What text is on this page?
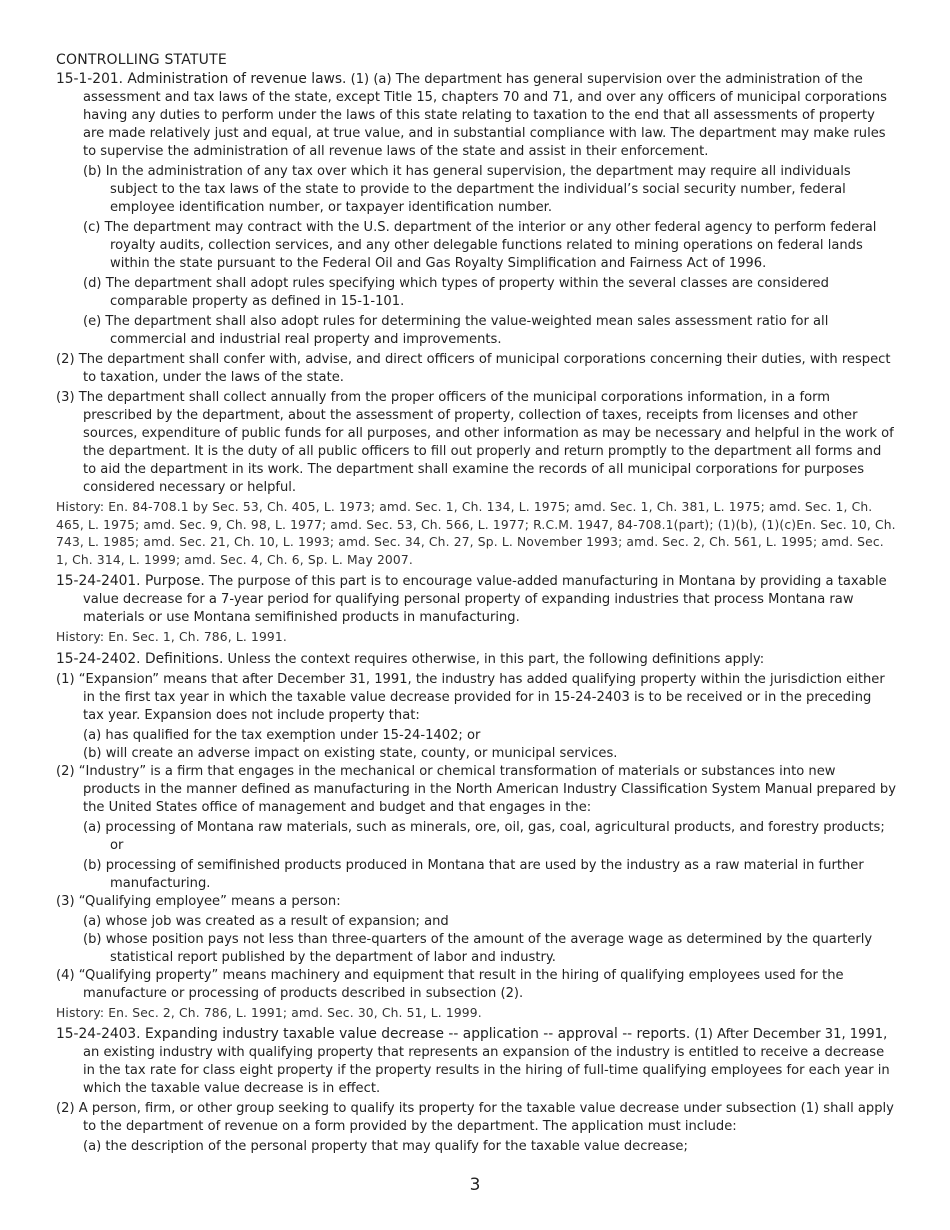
CONTROLLING STATUTE

15-1-201. Administration of revenue laws. (1) (a) The department has general supervision over the administration of the assessment and tax laws of the state, except Title 15, chapters 70 and 71, and over any officers of municipal corporations having any duties to perform under the laws of this state relating to taxation to the end that all assessments of property are made relatively just and equal, at true value, and in substantial compliance with law. The department may make rules to supervise the administration of all revenue laws of the state and assist in their enforcement.

(b) In the administration of any tax over which it has general supervision, the department may require all individuals subject to the tax laws of the state to provide to the department the individual’s social security number, federal employee identification number, or taxpayer identification number.

(c) The department may contract with the U.S. department of the interior or any other federal agency to perform federal royalty audits, collection services, and any other delegable functions related to mining operations on federal lands within the state pursuant to the Federal Oil and Gas Royalty Simplification and Fairness Act of 1996.

(d) The department shall adopt rules specifying which types of property within the several classes are considered comparable property as defined in 15-1-101.

(e) The department shall also adopt rules for determining the value-weighted mean sales assessment ratio for all commercial and industrial real property and improvements.

(2) The department shall confer with, advise, and direct officers of municipal corporations concerning their duties, with respect to taxation, under the laws of the state.

(3) The department shall collect annually from the proper officers of the municipal corporations information, in a form prescribed by the department, about the assessment of property, collection of taxes, receipts from licenses and other sources, expenditure of public funds for all purposes, and other information as may be necessary and helpful in the work of the department. It is the duty of all public officers to fill out properly and return promptly to the department all forms and to aid the department in its work. The department shall examine the records of all municipal corporations for purposes considered necessary or helpful.

History: En. 84-708.1 by Sec. 53, Ch. 405, L. 1973; amd. Sec. 1, Ch. 134, L. 1975; amd. Sec. 1, Ch. 381, L. 1975; amd. Sec. 1, Ch. 465, L. 1975; amd. Sec. 9, Ch. 98, L. 1977; amd. Sec. 53, Ch. 566, L. 1977; R.C.M. 1947, 84-708.1(part); (1)(b), (1)(c)En. Sec. 10, Ch. 743, L. 1985; amd. Sec. 21, Ch. 10, L. 1993; amd. Sec. 34, Ch. 27, Sp. L. November 1993; amd. Sec. 2, Ch. 561, L. 1995; amd. Sec. 1, Ch. 314, L. 1999; amd. Sec. 4, Ch. 6, Sp. L. May 2007.

15-24-2401. Purpose. The purpose of this part is to encourage value-added manufacturing in Montana by providing a taxable value decrease for a 7-year period for qualifying personal property of expanding industries that process Montana raw materials or use Montana semifinished products in manufacturing.

History: En. Sec. 1, Ch. 786, L. 1991.

15-24-2402. Definitions. Unless the context requires otherwise, in this part, the following definitions apply:

(1) “Expansion” means that after December 31, 1991, the industry has added qualifying property within the jurisdiction either in the first tax year in which the taxable value decrease provided for in 15-24-2403 is to be received or in the preceding tax year. Expansion does not include property that:

(a) has qualified for the tax exemption under 15-24-1402; or

(b) will create an adverse impact on existing state, county, or municipal services.

(2) “Industry” is a firm that engages in the mechanical or chemical transformation of materials or substances into new products in the manner defined as manufacturing in the North American Industry Classification System Manual prepared by the United States office of management and budget and that engages in the:

(a) processing of Montana raw materials, such as minerals, ore, oil, gas, coal, agricultural products, and forestry products; or

(b) processing of semifinished products produced in Montana that are used by the industry as a raw material in further manufacturing.

(3) “Qualifying employee” means a person:

(a) whose job was created as a result of expansion; and

(b) whose position pays not less than three-quarters of the amount of the average wage as determined by the quarterly statistical report published by the department of labor and industry.

(4) “Qualifying property” means machinery and equipment that result in the hiring of qualifying employees used for the manufacture or processing of products described in subsection (2).

History: En. Sec. 2, Ch. 786, L. 1991; amd. Sec. 30, Ch. 51, L. 1999.

15-24-2403. Expanding industry taxable value decrease -- application -- approval -- reports. (1) After December 31, 1991, an existing industry with qualifying property that represents an expansion of the industry is entitled to receive a decrease in the tax rate for class eight property if the property results in the hiring of full-time qualifying employees for each year in which the taxable value decrease is in effect.

(2) A person, firm, or other group seeking to qualify its property for the taxable value decrease under subsection (1) shall apply to the department of revenue on a form provided by the department. The application must include:

(a) the description of the personal property that may qualify for the taxable value decrease;

3
